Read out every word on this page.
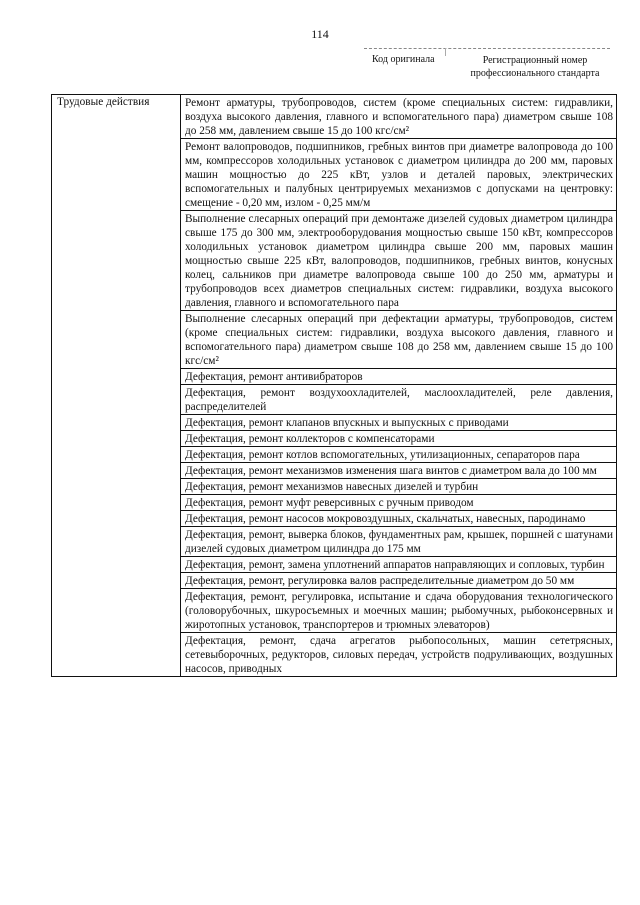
114
Код оригинала	Регистрационный номер профессионального стандарта
Трудовые действия	Ремонт арматуры, трубопроводов, систем (кроме специальных систем: гидравлики, воздуха высокого давления, главного и вспомогательного пара) диаметром свыше 108 до 258 мм, давлением свыше 15 до 100 кгс/см²
Ремонт валопроводов, подшипников, гребных винтов при диаметре валопровода до 100 мм, компрессоров холодильных установок с диаметром цилиндра до 200 мм, паровых машин мощностью до 225 кВт, узлов и деталей паровых, электрических вспомогательных и палубных центрируемых механизмов с допусками на центровку: смещение - 0,20 мм, излом - 0,25 мм/м
Выполнение слесарных операций при демонтаже дизелей судовых диаметром цилиндра свыше 175 до 300 мм, электрооборудования мощностью свыше 150 кВт, компрессоров холодильных установок диаметром цилиндра свыше 200 мм, паровых машин мощностью свыше 225 кВт, валопроводов, подшипников, гребных винтов, конусных колец, сальников при диаметре валопровода свыше 100 до 250 мм, арматуры и трубопроводов всех диаметров специальных систем: гидравлики, воздуха высокого давления, главного и вспомогательного пара
Выполнение слесарных операций при дефектации арматуры, трубопроводов, систем (кроме специальных систем: гидравлики, воздуха высокого давления, главного и вспомогательного пара) диаметром свыше 108 до 258 мм, давлением свыше 15 до 100 кгс/см²
Дефектация, ремонт антивибраторов
Дефектация, ремонт воздухоохладителей, маслоохладителей, реле давления, распределителей
Дефектация, ремонт клапанов впускных и выпускных с приводами
Дефектация, ремонт коллекторов с компенсаторами
Дефектация, ремонт котлов вспомогательных, утилизационных, сепараторов пара
Дефектация, ремонт механизмов изменения шага винтов с диаметром вала до 100 мм
Дефектация, ремонт механизмов навесных дизелей и турбин
Дефектация, ремонт муфт реверсивных с ручным приводом
Дефектация, ремонт насосов мокровоздушных, скальчатых, навесных, пародинамо
Дефектация, ремонт, выверка блоков, фундаментных рам, крышек, поршней с шатунами дизелей судовых диаметром цилиндра до 175 мм
Дефектация, ремонт, замена уплотнений аппаратов направляющих и сопловых, турбин
Дефектация, ремонт, регулировка валов распределительные диаметром до 50 мм
Дефектация, ремонт, регулировка, испытание и сдача оборудования технологического (головорубочных, шкуросъемных и моечных машин; рыбомучных, рыбоконсервных и жиротопных установок, транспортеров и трюмных элеваторов)
Дефектация, ремонт, сдача агрегатов рыбопосольных, машин сететрясных, сетевыборочных, редукторов, силовых передач, устройств подруливающих, воздушных насосов, приводных
